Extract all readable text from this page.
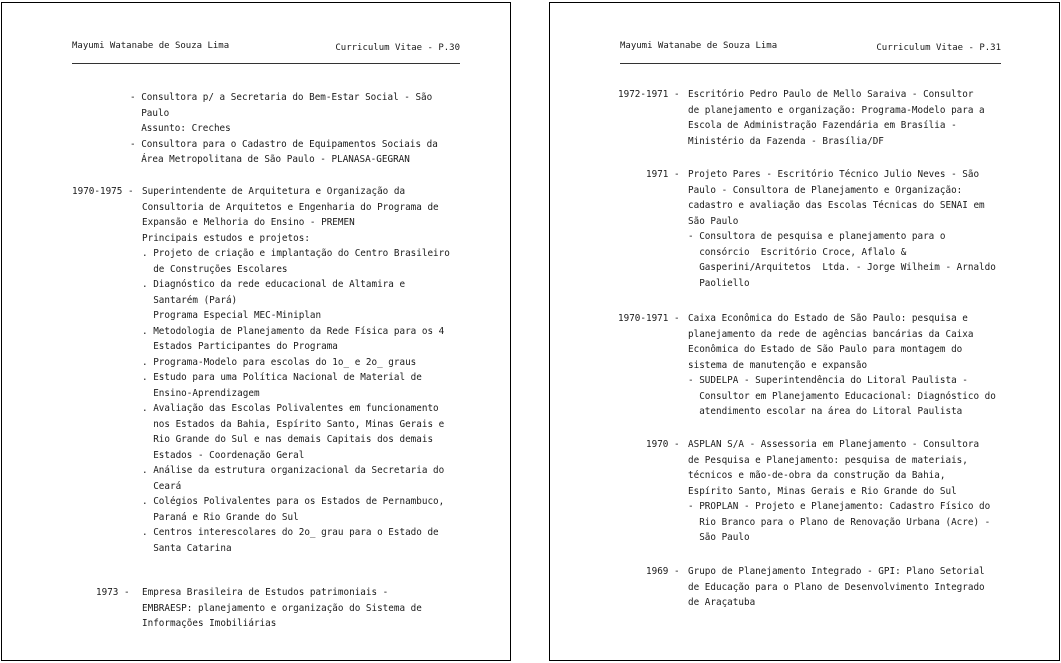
Mayumi Watanabe de Souza Lima	Curriculum Vitae - P.30
- Consultora p/ a Secretaria do Bem-Estar Social - São
Paulo
Assunto: Creches
- Consultora para o Cadastro de Equipamentos Sociais da
Área Metropolitana de São Paulo - PLANASA-GEGRAN
1970-1975 - Superintendente de Arquitetura e Organização da
Consultoria de Arquitetos e Engenharia do Programa de
Expansão e Melhoria do Ensino - PREMEN
Principais estudos e projetos:
. Projeto de criação e implantação do Centro Brasileiro
de Construções Escolares
. Diagnóstico da rede educacional de Altamira e
Santarém (Pará)
Programa Especial MEC-Miniplan
. Metodologia de Planejamento da Rede Física para os 4
Estados Participantes do Programa
. Programa-Modelo para escolas do 1o_ e 2o_ graus
. Estudo para uma Política Nacional de Material de
Ensino-Aprendizagem
. Avaliação das Escolas Polivalentes em funcionamento
nos Estados da Bahia, Espírito Santo, Minas Gerais e
Rio Grande do Sul e nas demais Capitais dos demais
Estados - Coordenação Geral
. Análise da estrutura organizacional da Secretaria do
Ceará
. Colégios Polivalentes para os Estados de Pernambuco,
Paraná e Rio Grande do Sul
. Centros interescolares do 2o_ grau para o Estado de
Santa Catarina
1973 - Empresa Brasileira de Estudos patrimoniais -
EMBRAESP: planejamento e organização do Sistema de
Informações Imobiliárias
Mayumi Watanabe de Souza Lima	Curriculum Vitae - P.31
1972-1971 - Escritório Pedro Paulo de Mello Saraiva - Consultor
de planejamento e organização: Programa-Modelo para a
Escola de Administração Fazendária em Brasília -
Ministério da Fazenda - Brasília/DF
1971 - Projeto Pares - Escritório Técnico Julio Neves - São
Paulo - Consultora de Planejamento e Organização:
cadastro e avaliação das Escolas Técnicas do SENAI em
São Paulo
- Consultora de pesquisa e planejamento para o
consórcio  Escritório Croce, Aflalo &
Gasperini/Arquitetos  Ltda. - Jorge Wilheim - Arnaldo
Paoliello
1970-1971 - Caixa Econômica do Estado de São Paulo: pesquisa e
planejamento da rede de agências bancárias da Caixa
Econômica do Estado de São Paulo para montagem do
sistema de manutenção e expansão
- SUDELPA - Superintendência do Litoral Paulista -
Consultor em Planejamento Educacional: Diagnóstico do
atendimento escolar na área do Litoral Paulista
1970 - ASPLAN S/A - Assessoria em Planejamento - Consultora
de Pesquisa e Planejamento: pesquisa de materiais,
técnicos e mão-de-obra da construção da Bahia,
Espírito Santo, Minas Gerais e Rio Grande do Sul
- PROPLAN - Projeto e Planejamento: Cadastro Físico do
Rio Branco para o Plano de Renovação Urbana (Acre) -
São Paulo
1969 - Grupo de Planejamento Integrado - GPI: Plano Setorial
de Educação para o Plano de Desenvolvimento Integrado
de Araçatuba
